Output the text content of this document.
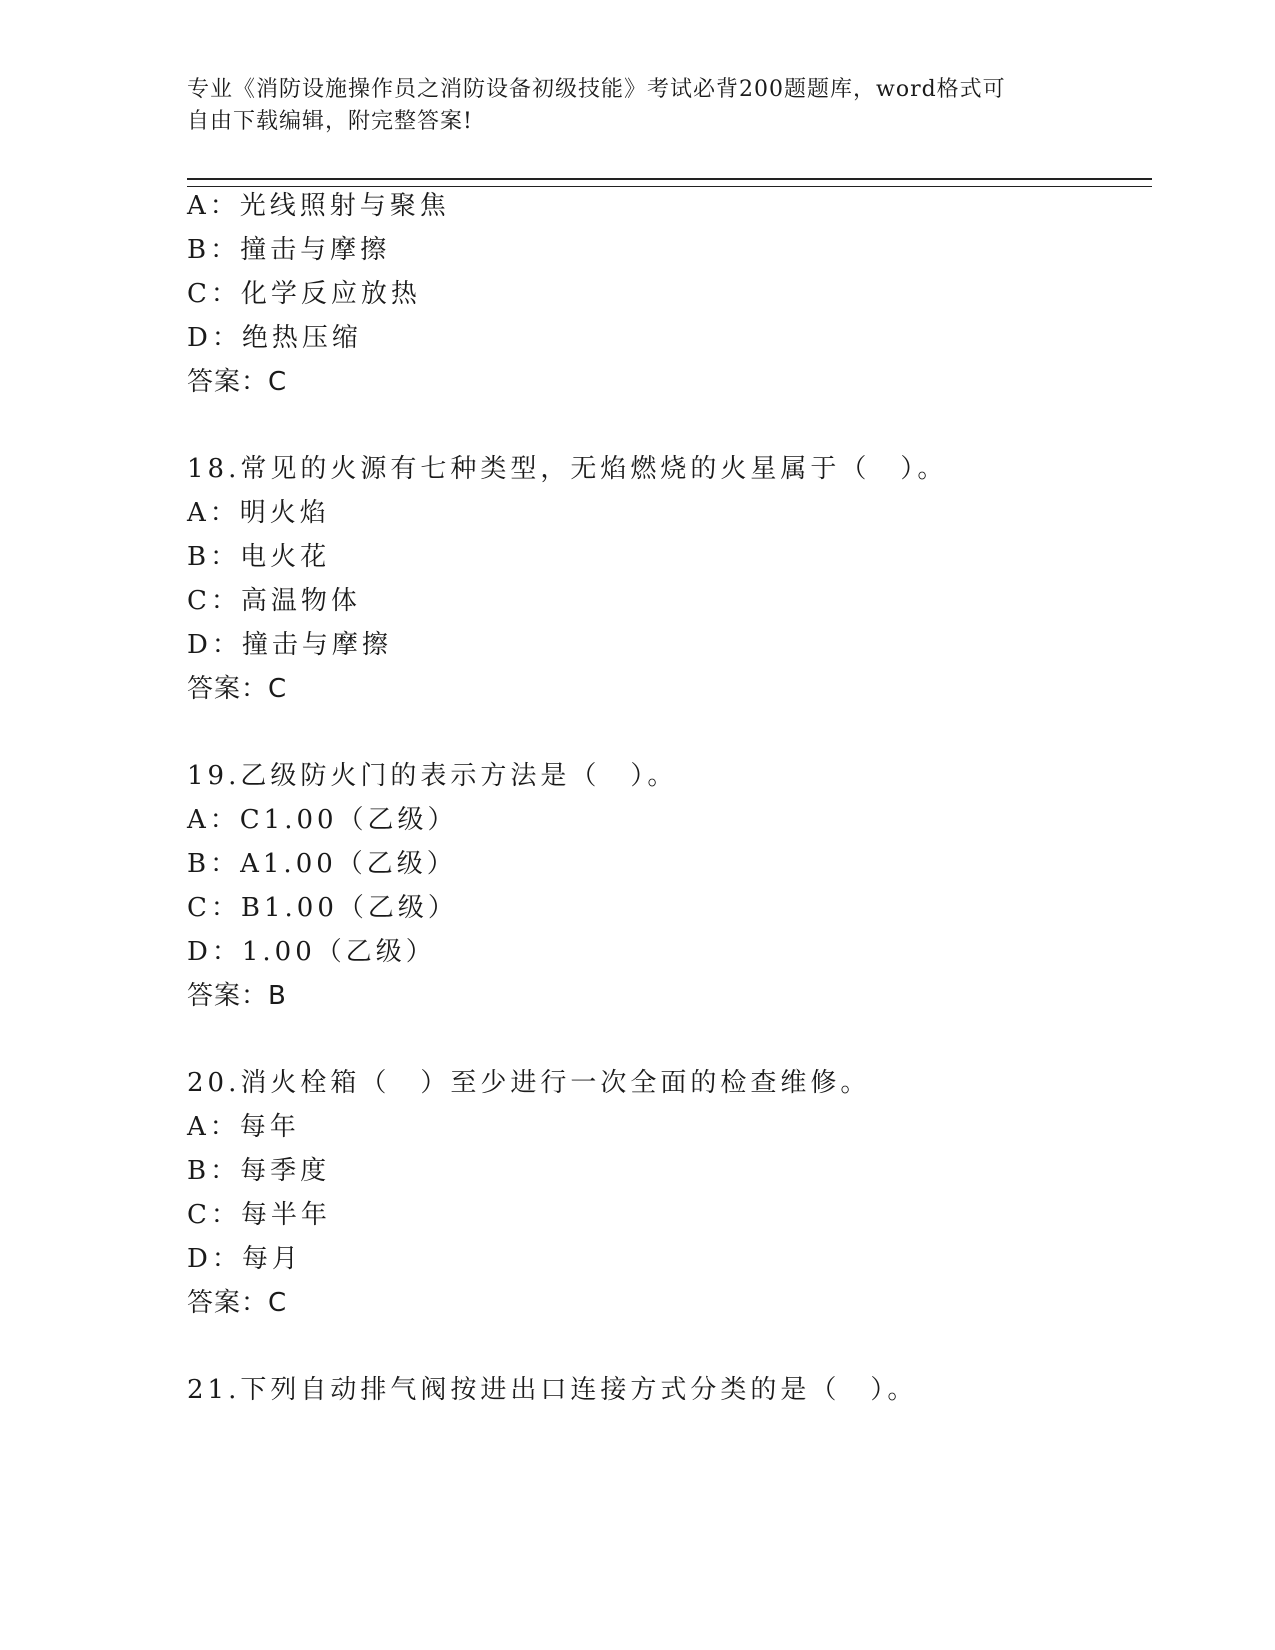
专业《消防设施操作员之消防设备初级技能》考试必背200题题库，word格式可
自由下载编辑，附完整答案!
A：光线照射与聚焦
B：撞击与摩擦
C：化学反应放热
D：绝热压缩
答案：C
18.常见的火源有七种类型，无焰燃烧的火星属于（　）。
A：明火焰
B：电火花
C：高温物体
D：撞击与摩擦
答案：C
19.乙级防火门的表示方法是（　）。
A：C1.00（乙级）
B：A1.00（乙级）
C：B1.00（乙级）
D：1.00（乙级）
答案：B
20.消火栓箱（　）至少进行一次全面的检查维修。
A：每年
B：每季度
C：每半年
D：每月
答案：C
21.下列自动排气阀按进出口连接方式分类的是（　）。
